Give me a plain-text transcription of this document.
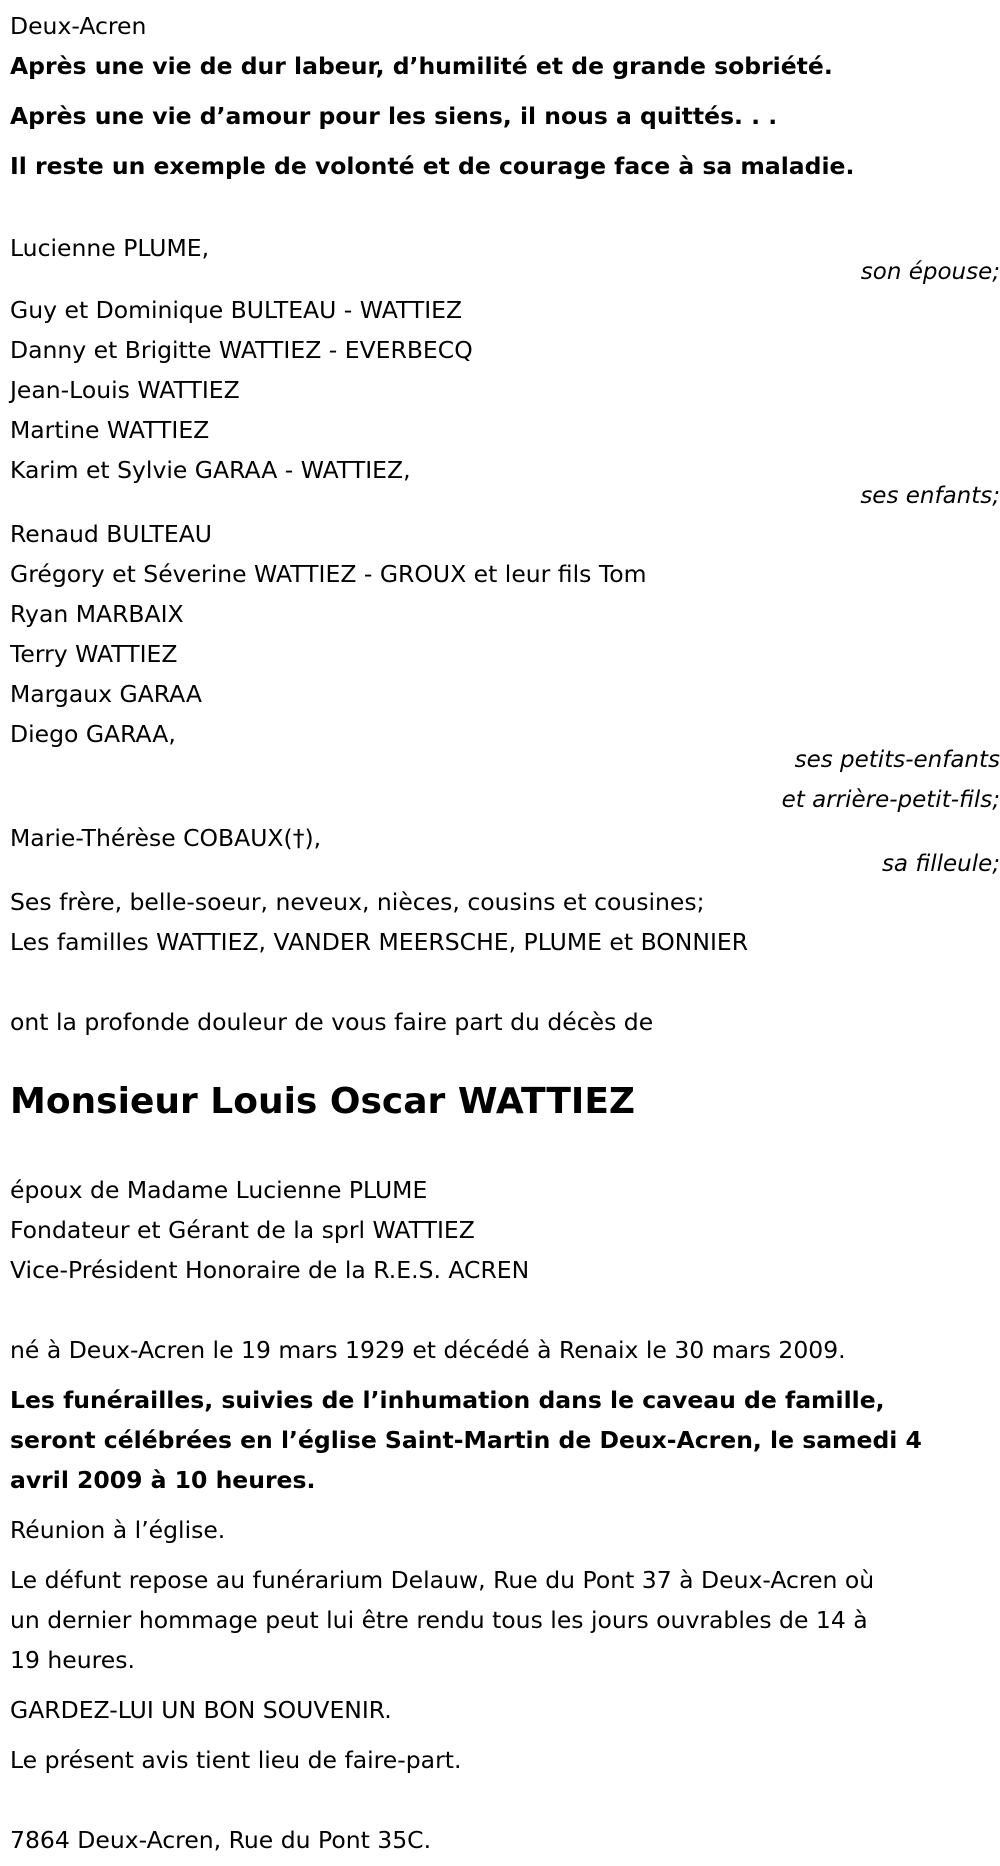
Deux-Acren
Après une vie de dur labeur, d’humilité et de grande sobriété.
Après une vie d’amour pour les siens, il nous a quittés. . .
Il reste un exemple de volonté et de courage face à sa maladie.
Lucienne PLUME,
son épouse;
Guy et Dominique BULTEAU - WATTIEZ
Danny et Brigitte WATTIEZ - EVERBECQ
Jean-Louis WATTIEZ
Martine WATTIEZ
Karim et Sylvie GARAA - WATTIEZ,
ses enfants;
Renaud BULTEAU
Grégory et Séverine WATTIEZ - GROUX et leur fils Tom
Ryan MARBAIX
Terry WATTIEZ
Margaux GARAA
Diego GARAA,
ses petits-enfants
et arrière-petit-fils;
Marie-Thérèse COBAUX(†),
sa filleule;
Ses frère, belle-soeur, neveux, nièces, cousins et cousines;
Les familles WATTIEZ, VANDER MEERSCHE, PLUME et BONNIER
ont la profonde douleur de vous faire part du décès de
Monsieur Louis Oscar WATTIEZ
époux de Madame Lucienne PLUME
Fondateur et Gérant de la sprl WATTIEZ
Vice-Président Honoraire de la R.E.S. ACREN
né à Deux-Acren le 19 mars 1929 et décédé à Renaix le 30 mars 2009.
Les funérailles, suivies de l’inhumation dans le caveau de famille,
seront célébrées en l’église Saint-Martin de Deux-Acren, le samedi 4
avril 2009 à 10 heures.
Réunion à l’église.
Le défunt repose au funérarium Delauw, Rue du Pont 37 à Deux-Acren où
un dernier hommage peut lui être rendu tous les jours ouvrables de 14 à
19 heures.
GARDEZ-LUI UN BON SOUVENIR.
Le présent avis tient lieu de faire-part.
7864 Deux-Acren, Rue du Pont 35C.
